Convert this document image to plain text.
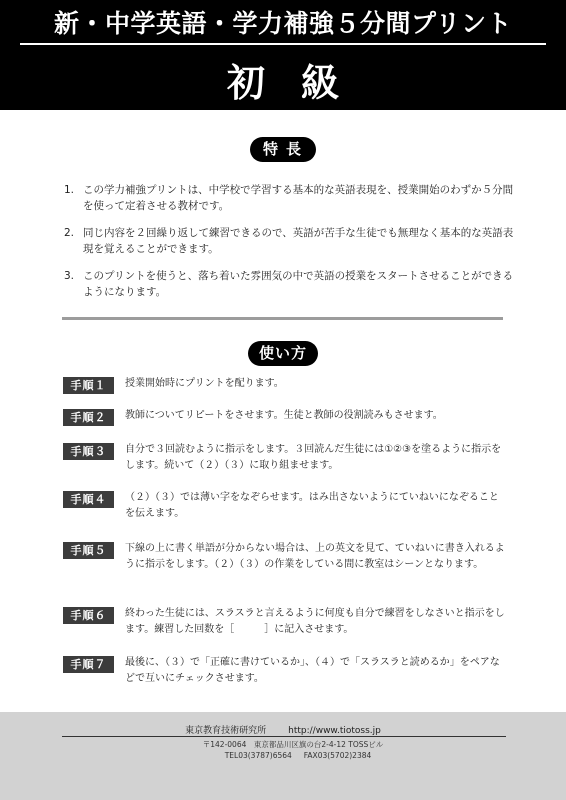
新・中学英語・学力補強５分間プリント
初級
特長
1. この学力補強プリントは、中学校で学習する基本的な英語表現を、授業開始のわずか５分間を使って定着させる教材です。
2. 同じ内容を２回繰り返して練習できるので、英語が苦手な生徒でも無理なく基本的な英語表現を覚えることができます。
3. このプリントを使うと、落ち着いた雰囲気の中で英語の授業をスタートさせることができるようになります。
使い方
手順１	授業開始時にプリントを配ります。
手順２	教師についてリピートをさせます。生徒と教師の役割読みもさせます。
手順３	自分で３回読むように指示をします。３回読んだ生徒には①②③を塗るように指示をします。続いて（２）（３）に取り組ませます。
手順４	（２）（３）では薄い字をなぞらせます。はみ出さないようにていねいになぞることを伝えます。
手順５	下線の上に書く単語が分からない場合は、上の英文を見て、ていねいに書き入れるように指示をします。（２）（３）の作業をしている間に教室はシーンとなります。
手順６	終わった生徒には、スラスラと言えるように何度も自分で練習をしなさいと指示をします。練習した回数を［　　　］に記入させます。
手順７	最後に、（３）で「正確に書けているか」、（４）で「スラスラと読めるか」をペアなどで互いにチェックさせます。
東京教育技術研究所 http://www.tiotoss.jp
〒142-0064　東京都品川区旗の台2-4-12 TOSSビル
TEL03(3787)6564 FAX03(5702)2384
